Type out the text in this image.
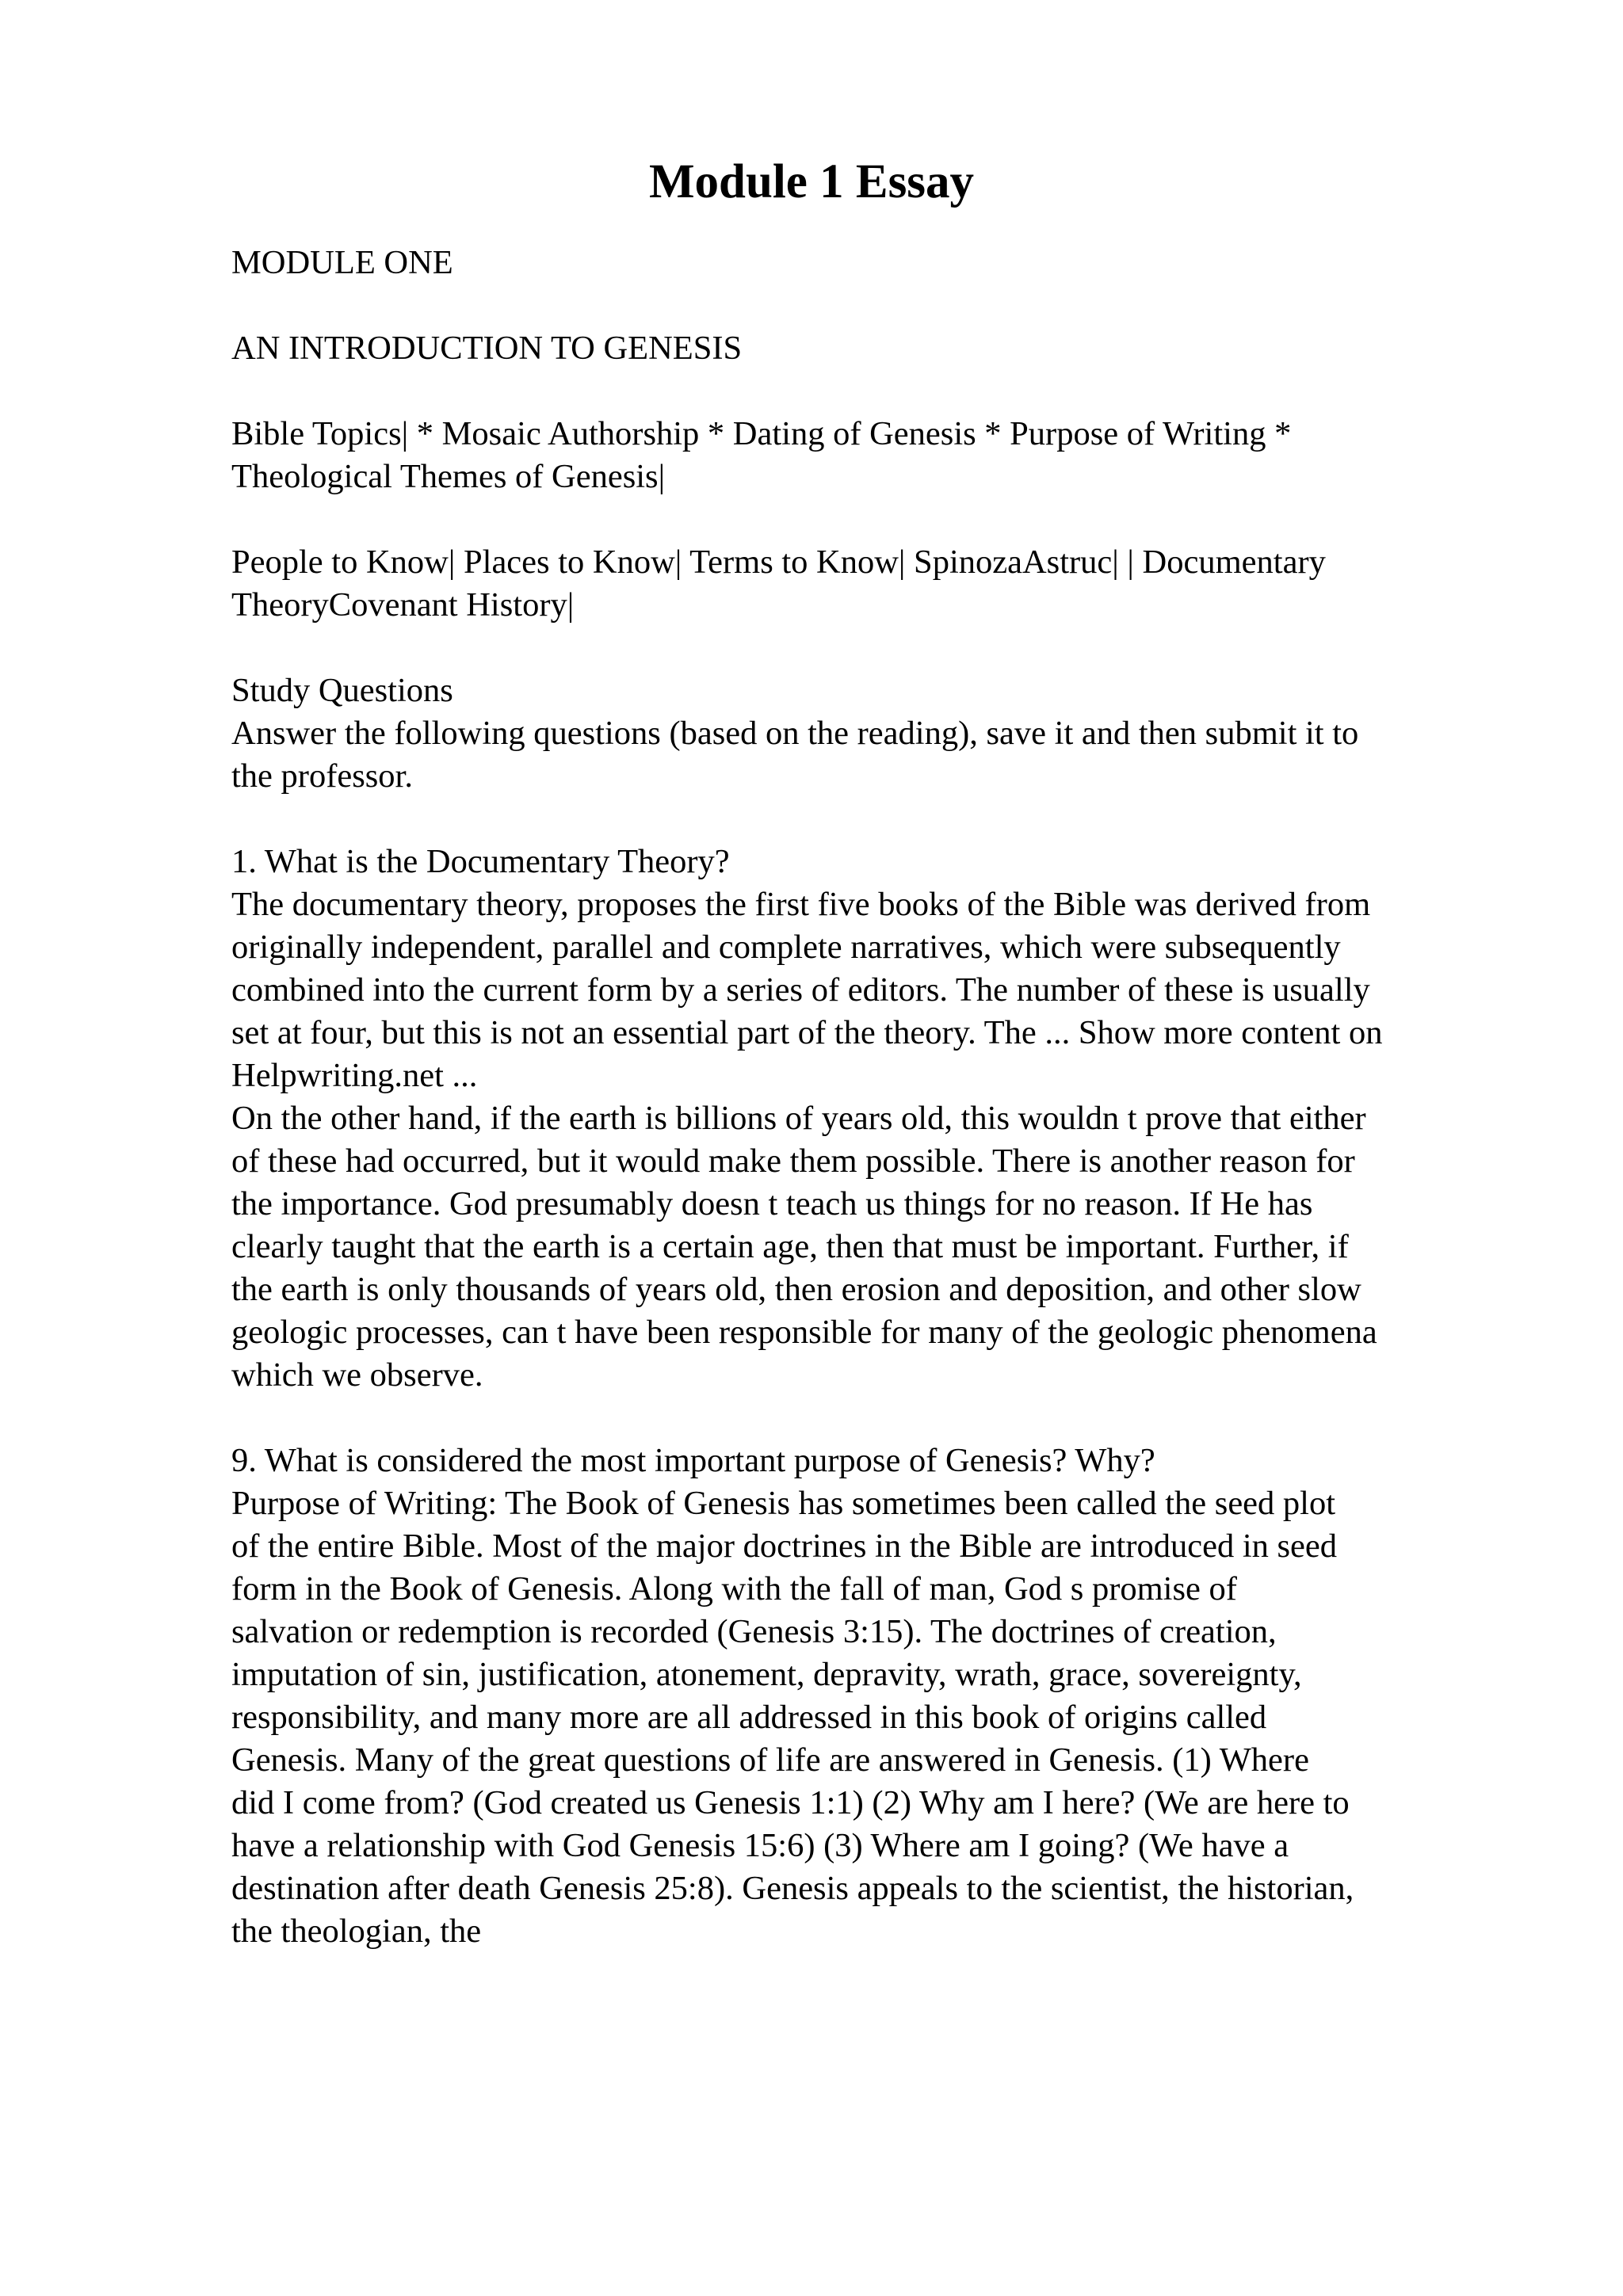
Module 1 Essay

MODULE ONE

AN INTRODUCTION TO GENESIS

Bible Topics| * Mosaic Authorship * Dating of Genesis * Purpose of Writing *
Theological Themes of Genesis|

People to Know| Places to Know| Terms to Know| SpinozaAstruc| | Documentary
TheoryCovenant History|

Study Questions
Answer the following questions (based on the reading), save it and then submit it to
the professor.

1. What is the Documentary Theory?
The documentary theory, proposes the first five books of the Bible was derived from
originally independent, parallel and complete narratives, which were subsequently
combined into the current form by a series of editors. The number of these is usually
set at four, but this is not an essential part of the theory. The ... Show more content on
Helpwriting.net ...
On the other hand, if the earth is billions of years old, this wouldn t prove that either
of these had occurred, but it would make them possible. There is another reason for
the importance. God presumably doesn t teach us things for no reason. If He has
clearly taught that the earth is a certain age, then that must be important. Further, if
the earth is only thousands of years old, then erosion and deposition, and other slow
geologic processes, can t have been responsible for many of the geologic phenomena
which we observe.

9. What is considered the most important purpose of Genesis? Why?
Purpose of Writing: The Book of Genesis has sometimes been called the seed plot
of the entire Bible. Most of the major doctrines in the Bible are introduced in seed
form in the Book of Genesis. Along with the fall of man, God s promise of
salvation or redemption is recorded (Genesis 3:15). The doctrines of creation,
imputation of sin, justification, atonement, depravity, wrath, grace, sovereignty,
responsibility, and many more are all addressed in this book of origins called
Genesis. Many of the great questions of life are answered in Genesis. (1) Where
did I come from? (God created us Genesis 1:1) (2) Why am I here? (We are here to
have a relationship with God Genesis 15:6) (3) Where am I going? (We have a
destination after death Genesis 25:8). Genesis appeals to the scientist, the historian,
the theologian, the
